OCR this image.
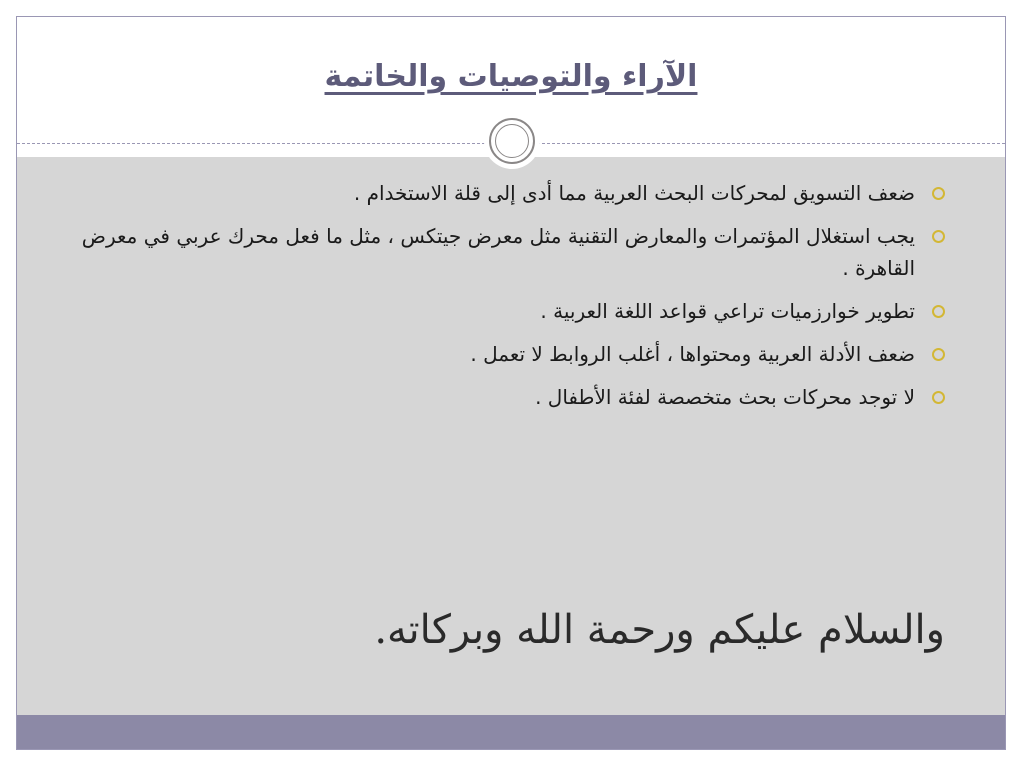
الآراء والتوصيات والخاتمة
ضعف التسويق لمحركات البحث العربية مما أدى إلى قلة الاستخدام .
يجب استغلال المؤتمرات والمعارض التقنية مثل معرض جيتكس ، مثل ما فعل محرك عربي في معرض القاهرة .
تطوير خوارزميات تراعي قواعد اللغة العربية .
ضعف الأدلة العربية ومحتواها ، أغلب الروابط لا تعمل .
لا توجد محركات بحث متخصصة لفئة الأطفال .
والسلام عليكم ورحمة الله وبركاته.
